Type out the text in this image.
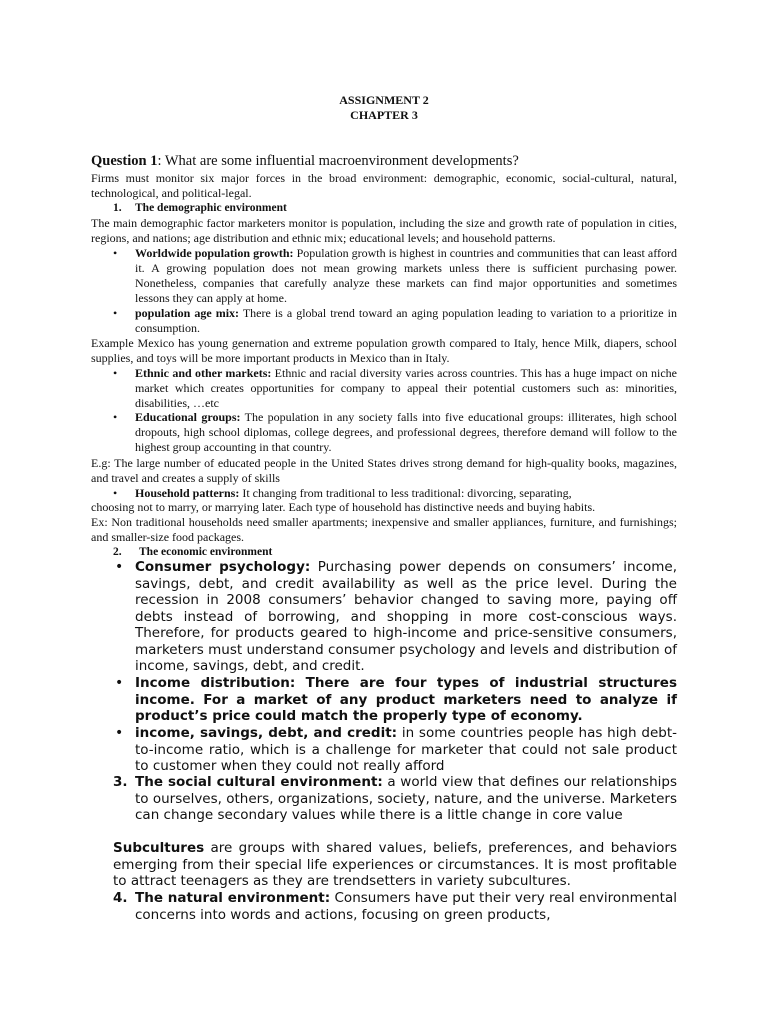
ASSIGNMENT 2
CHAPTER 3
Question 1: What are some influential macroenvironment developments?
Firms must monitor six major forces in the broad environment: demographic, economic, social-cultural, natural, technological, and political-legal.
1. The demographic environment
The main demographic factor marketers monitor is population, including the size and growth rate of population in cities, regions, and nations; age distribution and ethnic mix; educational levels; and household patterns.
• Worldwide population growth: Population growth is highest in countries and communities that can least afford it. A growing population does not mean growing markets unless there is sufficient purchasing power. Nonetheless, companies that carefully analyze these markets can find major opportunities and sometimes lessons they can apply at home.
• population age mix: There is a global trend toward an aging population leading to variation to a prioritize in consumption.
Example Mexico has young genernation and extreme population growth compared to Italy, hence Milk, diapers, school supplies, and toys will be more important products in Mexico than in Italy.
• Ethnic and other markets: Ethnic and racial diversity varies across countries. This has a huge impact on niche market which creates opportunities for company to appeal their potential customers such as: minorities, disabilities, …etc
• Educational groups: The population in any society falls into five educational groups: illiterates, high school dropouts, high school diplomas, college degrees, and professional degrees, therefore demand will follow to the highest group accounting in that country.
E.g: The large number of educated people in the United States drives strong demand for high-quality books, magazines, and travel and creates a supply of skills
• Household patterns: It changing from traditional to less traditional: divorcing, separating,
choosing not to marry, or marrying later. Each type of household has distinctive needs and buying habits.
Ex: Non traditional households need smaller apartments; inexpensive and smaller appliances, furniture, and furnishings; and smaller-size food packages.
2. The economic environment
• Consumer psychology: Purchasing power depends on consumers’ income, savings, debt, and credit availability as well as the price level. During the recession in 2008 consumers’ behavior changed to saving more, paying off debts instead of borrowing, and shopping in more cost-conscious ways. Therefore, for products geared to high-income and price-sensitive consumers, marketers must understand consumer psychology and levels and distribution of income, savings, debt, and credit.
• Income distribution: There are four types of industrial structures income. For a market of any product marketers need to analyze if product’s price could match the properly type of economy.
• income, savings, debt, and credit: in some countries people has high debt-to-income ratio, which is a challenge for marketer that could not sale product to customer when they could not really afford
3. The social cultural environment: a world view that defines our relationships to ourselves, others, organizations, society, nature, and the universe. Marketers can change secondary values while there is a little change in core value
Subcultures are groups with shared values, beliefs, preferences, and behaviors emerging from their special life experiences or circumstances. It is most profitable to attract teenagers as they are trendsetters in variety subcultures.
4. The natural environment: Consumers have put their very real environmental concerns into words and actions, focusing on green products,
